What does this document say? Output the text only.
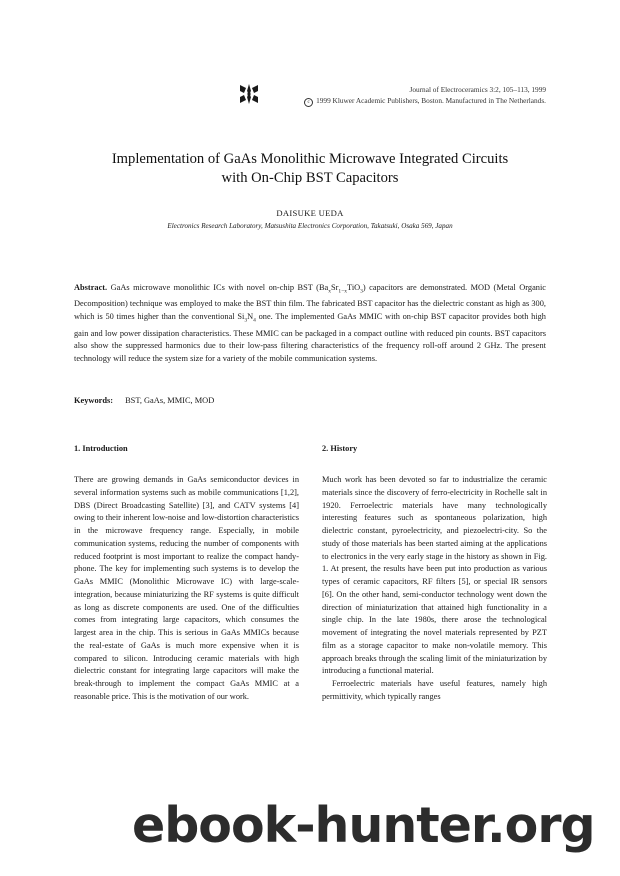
Journal of Electroceramics 3:2, 105–113, 1999
c 1999 Kluwer Academic Publishers, Boston. Manufactured in The Netherlands.
Implementation of GaAs Monolithic Microwave Integrated Circuits
with On-Chip BST Capacitors
DAISUKE UEDA
Electronics Research Laboratory, Matsushita Electronics Corporation, Takatsuki, Osaka 569, Japan
Abstract. GaAs microwave monolithic ICs with novel on-chip BST $(Ba_xSr_{1-x}TiO_3)$ capacitors are demonstrated. MOD (Metal Organic Decomposition) technique was employed to make the BST thin film. The fabricated BST capacitor has the dielectric constant as high as 300, which is 50 times higher than the conventional $Si_3N_4$ one. The implemented GaAs MMIC with on-chip BST capacitor provides both high gain and low power dissipation characteristics. These MMIC can be packaged in a compact outline with reduced pin counts. BST capacitors also show the suppressed harmonics due to their low-pass filtering characteristics of the frequency roll-off around 2 GHz. The present technology will reduce the system size for a variety of the mobile communication systems.
Keywords: BST, GaAs, MMIC, MOD
1. Introduction
There are growing demands in GaAs semiconductor devices in several information systems such as mobile communications [1,2], DBS (Direct Broadcasting Satellite) [3], and CATV systems [4] owing to their inherent low-noise and low-distortion characteristics in the microwave frequency range. Especially, in mobile communication systems, reducing the number of components with reduced footprint is most important to realize the compact handy-phone. The key for implementing such systems is to develop the GaAs MMIC (Monolithic Microwave IC) with large-scale-integration, because miniaturizing the RF systems is quite difficult as long as discrete components are used. One of the difficulties comes from integrating large capacitors, which consumes the largest area in the chip. This is serious in GaAs MMICs because the real-estate of GaAs is much more expensive when it is compared to silicon. Introducing ceramic materials with high dielectric constant for integrating large capacitors will make the break-through to implement the compact GaAs MMIC at a reasonable price. This is the motivation of our work.
2. History
Much work has been devoted so far to industrialize the ceramic materials since the discovery of ferro-electricity in Rochelle salt in 1920. Ferroelectric materials have many technologically interesting features such as spontaneous polarization, high dielectric constant, pyroelectricity, and piezoelectri-city. So the study of those materials has been started aiming at the applications to electronics in the very early stage in the history as shown in Fig. 1. At present, the results have been put into production as various types of ceramic capacitors, RF filters [5], or special IR sensors [6]. On the other hand, semi-conductor technology went down the direction of miniaturization that attained high functionality in a single chip. In the late 1980s, there arose the technological movement of integrating the novel materials represented by PZT film as a storage capacitor to make non-volatile memory. This approach breaks through the scaling limit of the miniaturization by introducing a functional material.
Ferroelectric materials have useful features, namely high permittivity, which typically ranges
ebook-hunter.org
